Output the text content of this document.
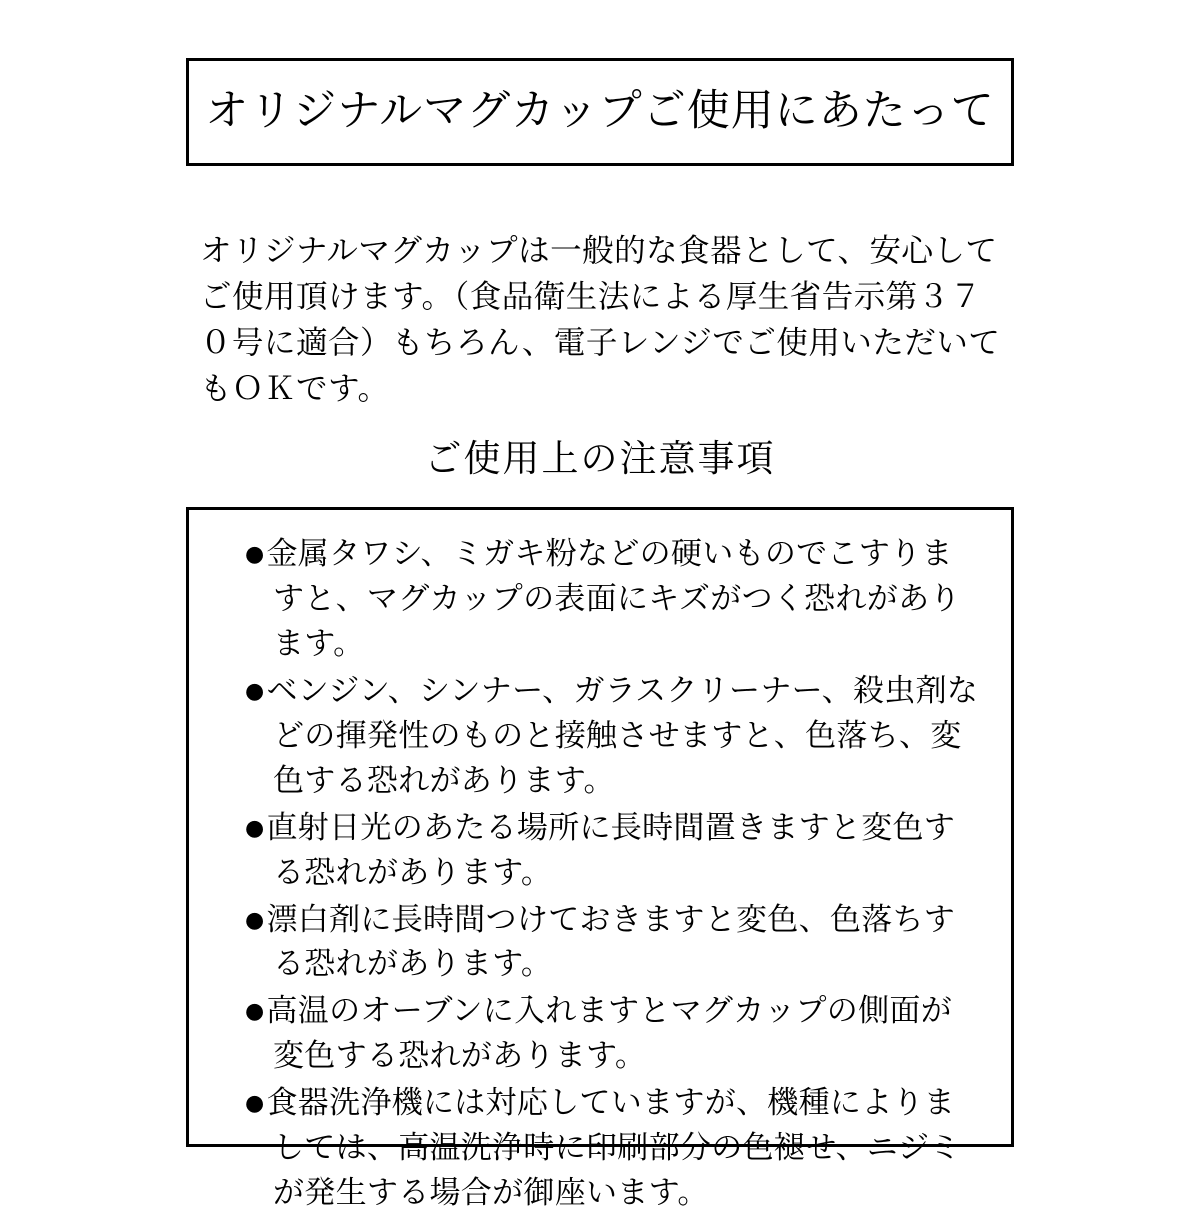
オリジナルマグカップご使用にあたって

オリジナルマグカップは一般的な食器として、安心してご使用頂けます。（食品衛生法による厚生省告示第３７０号に適合）もちろん、電子レンジでご使用いただいてもＯＫです。

ご使用上の注意事項
● 金属タワシ、ミガキ粉などの硬いものでこすりますと、マグカップの表面にキズがつく恐れがあります。
● ベンジン、シンナー、ガラスクリーナー、殺虫剤などの揮発性のものと接触させますと、色落ち、変色する恐れがあります。
● 直射日光のあたる場所に長時間置きますと変色する恐れがあります。
● 漂白剤に長時間つけておきますと変色、色落ちする恐れがあります。
● 高温のオーブンに入れますとマグカップの側面が変色する恐れがあります。
● 食器洗浄機には対応していますが、機種によりましては、高温洗浄時に印刷部分の色褪せ、ニジミが発生する場合が御座います。
